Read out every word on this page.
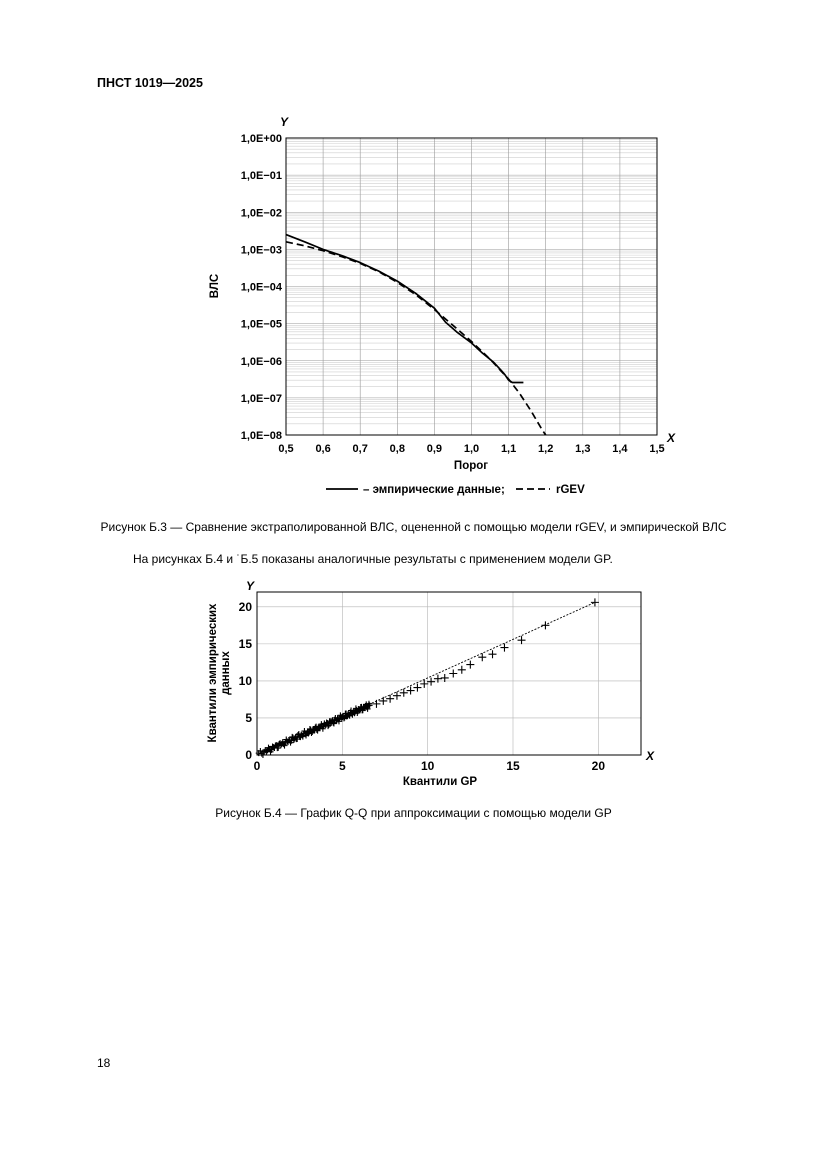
ПНСТ 1019—2025
1,0E+00
1,0E−01
1,0E−02
1,0E−03
1,0E−04
1,0E−05
1,0E−06
1,0E−07
1,0E−08
0,5 0,6 0,7 0,8 0,9 1,0 1,1 1,2 1,3 1,4 1,5
Y
X
Порог
ВЛС
– эмпирические данные;	rGEV
Рисунок Б.3 — Сравнение экстраполированной ВЛС, оцененной с помощью модели rGEV, и эмпирической ВЛС
На рисунках Б.4 и ˙Б.5 показаны аналогичные результаты с применением модели GP.
0
5
10
15
20
0	5	10	15	20
Y
X
Квантили GP
Квантили эмпирических данных
Рисунок Б.4 — График Q-Q при аппроксимации с помощью модели GP
18
